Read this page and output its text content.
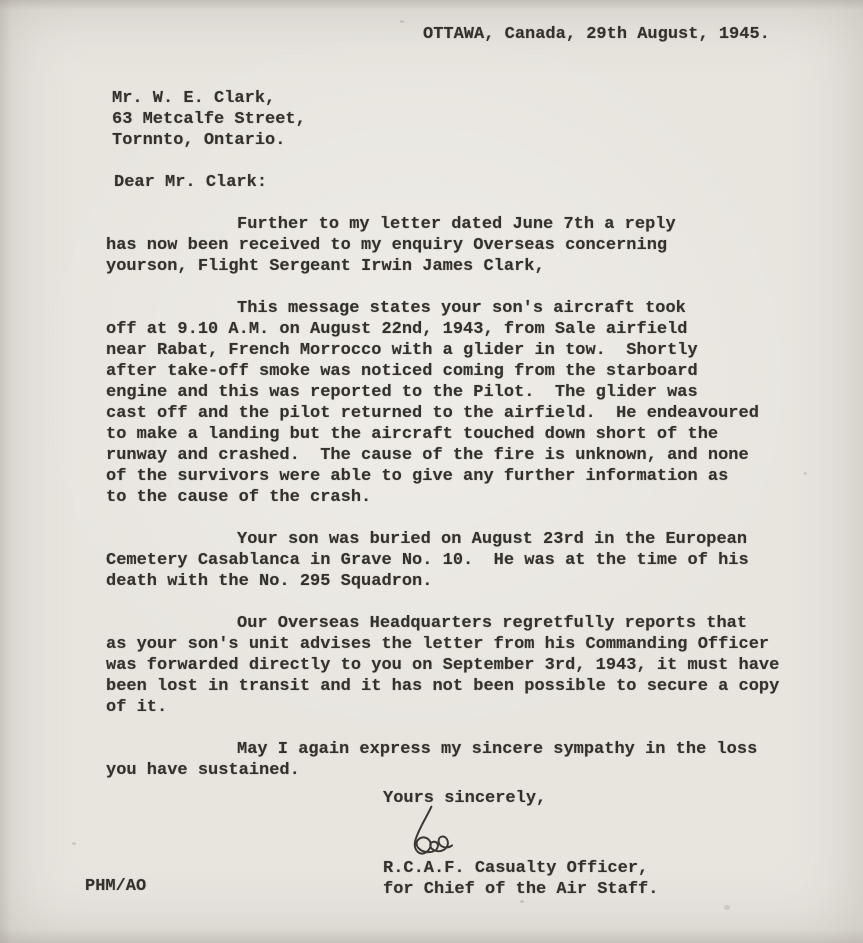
OTTAWA, Canada, 29th August, 1945.
Mr. W. E. Clark,
63 Metcalfe Street,
Tornnto, Ontario.
Dear Mr. Clark:
Further to my letter dated June 7th a reply
has now been received to my enquiry Overseas concerning
yourson, Flight Sergeant Irwin James Clark,
This message states your son's aircraft took
off at 9.10 A.M. on August 22nd, 1943, from Sale airfield
near Rabat, French Morrocco with a glider in tow.  Shortly
after take-off smoke was noticed coming from the starboard
engine and this was reported to the Pilot.  The glider was
cast off and the pilot returned to the airfield.  He endeavoured
to make a landing but the aircraft touched down short of the
runway and crashed.  The cause of the fire is unknown, and none
of the survivors were able to give any further information as
to the cause of the crash.
Your son was buried on August 23rd in the European
Cemetery Casablanca in Grave No. 10.  He was at the time of his
death with the No. 295 Squadron.
Our Overseas Headquarters regretfully reports that
as your son's unit advises the letter from his Commanding Officer
was forwarded directly to you on September 3rd, 1943, it must have
been lost in transit and it has not been possible to secure a copy
of it.
May I again express my sincere sympathy in the loss
you have sustained.
Yours sincerely,
R.C.A.F. Casualty Officer,
for Chief of the Air Staff.
PHM/AO
